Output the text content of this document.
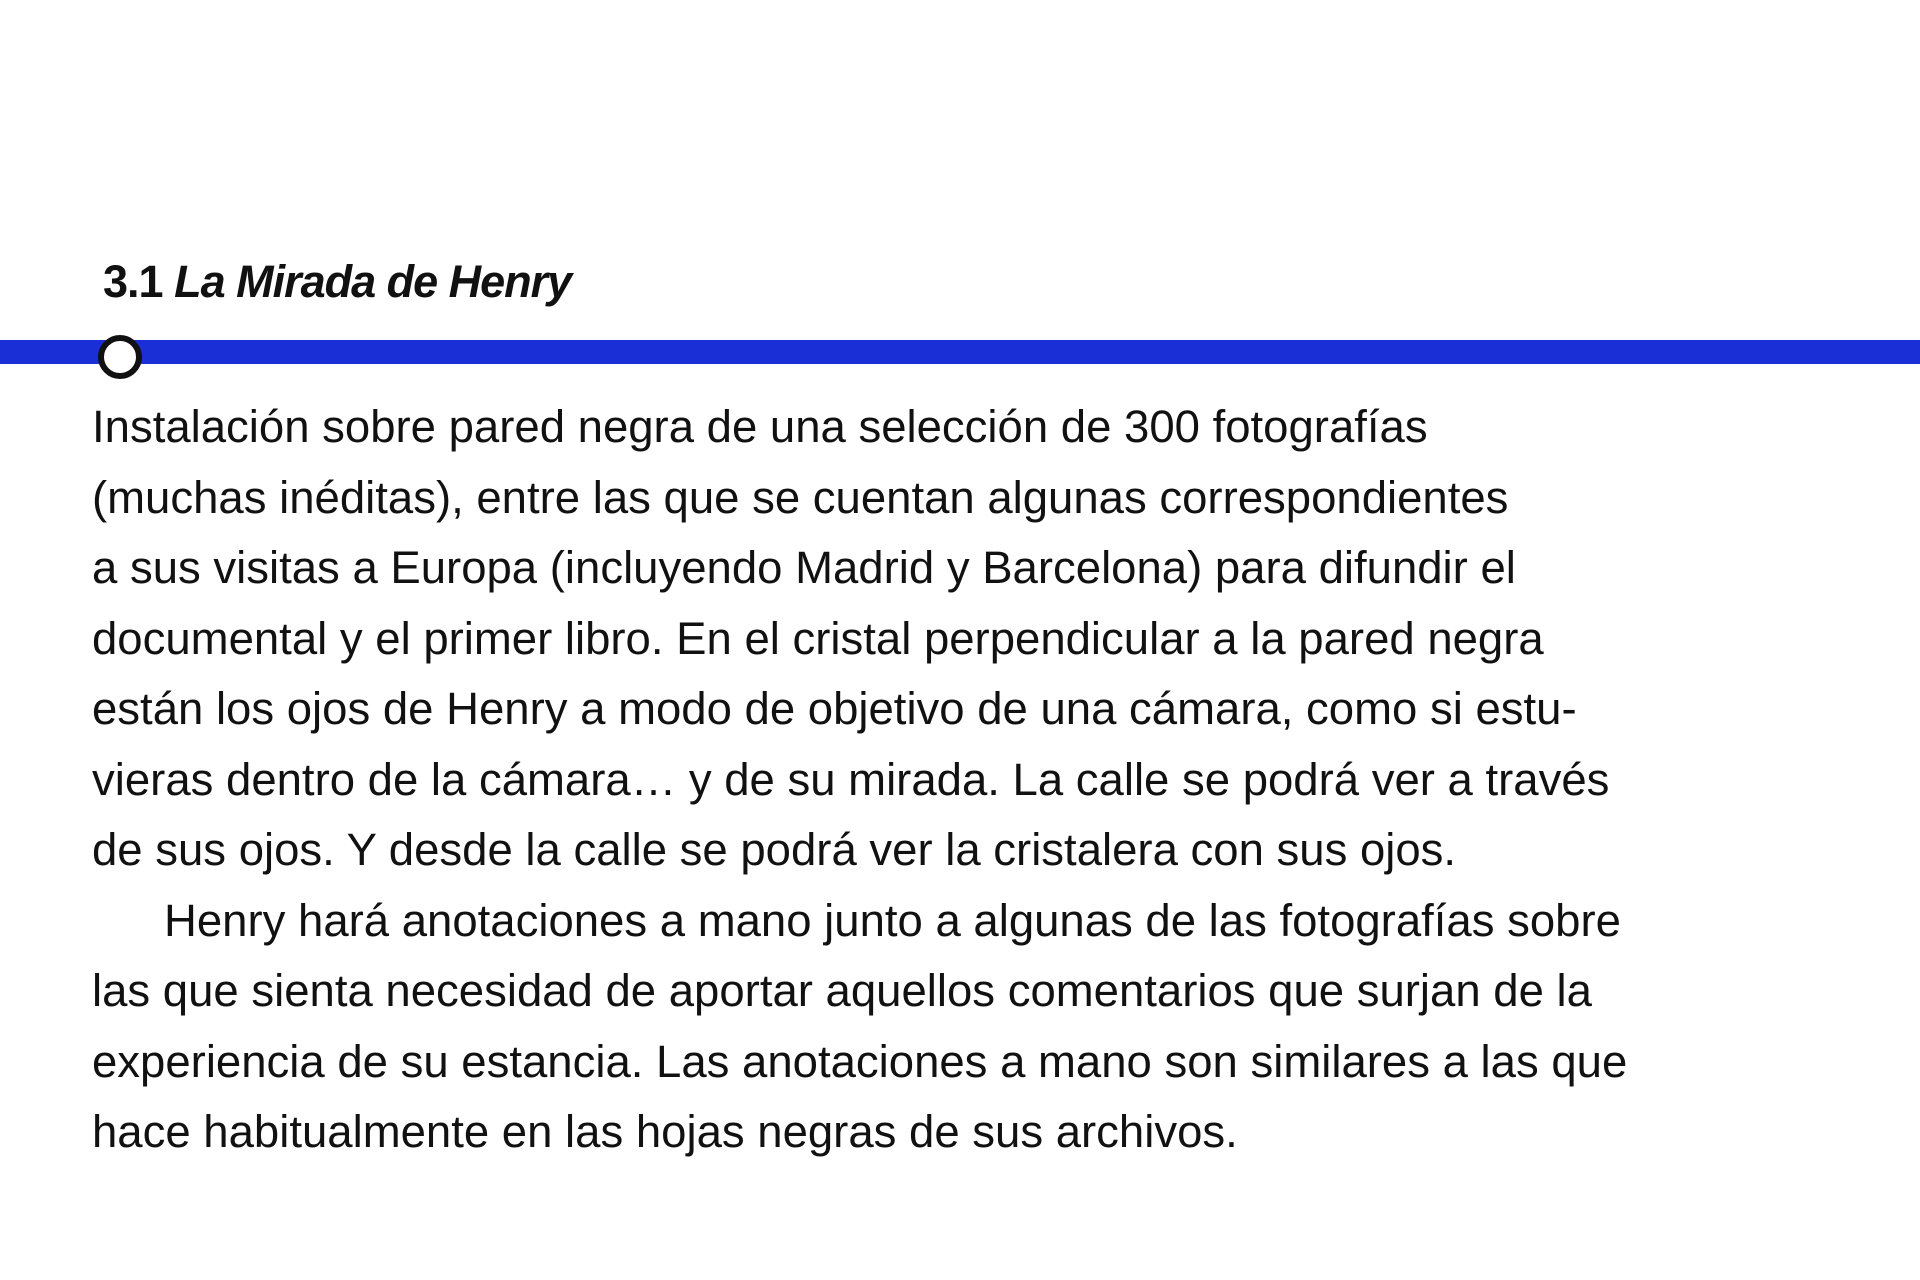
3.1 La Mirada de Henry

Instalación sobre pared negra de una selección de 300 fotografías
(muchas inéditas), entre las que se cuentan algunas correspondientes
a sus visitas a Europa (incluyendo Madrid y Barcelona) para difundir el
documental y el primer libro. En el cristal perpendicular a la pared negra
están los ojos de Henry a modo de objetivo de una cámara, como si estu-
vieras dentro de la cámara… y de su mirada. La calle se podrá ver a través
de sus ojos. Y desde la calle se podrá ver la cristalera con sus ojos.

Henry hará anotaciones a mano junto a algunas de las fotografías sobre
las que sienta necesidad de aportar aquellos comentarios que surjan de la
experiencia de su estancia. Las anotaciones a mano son similares a las que
hace habitualmente en las hojas negras de sus archivos.
